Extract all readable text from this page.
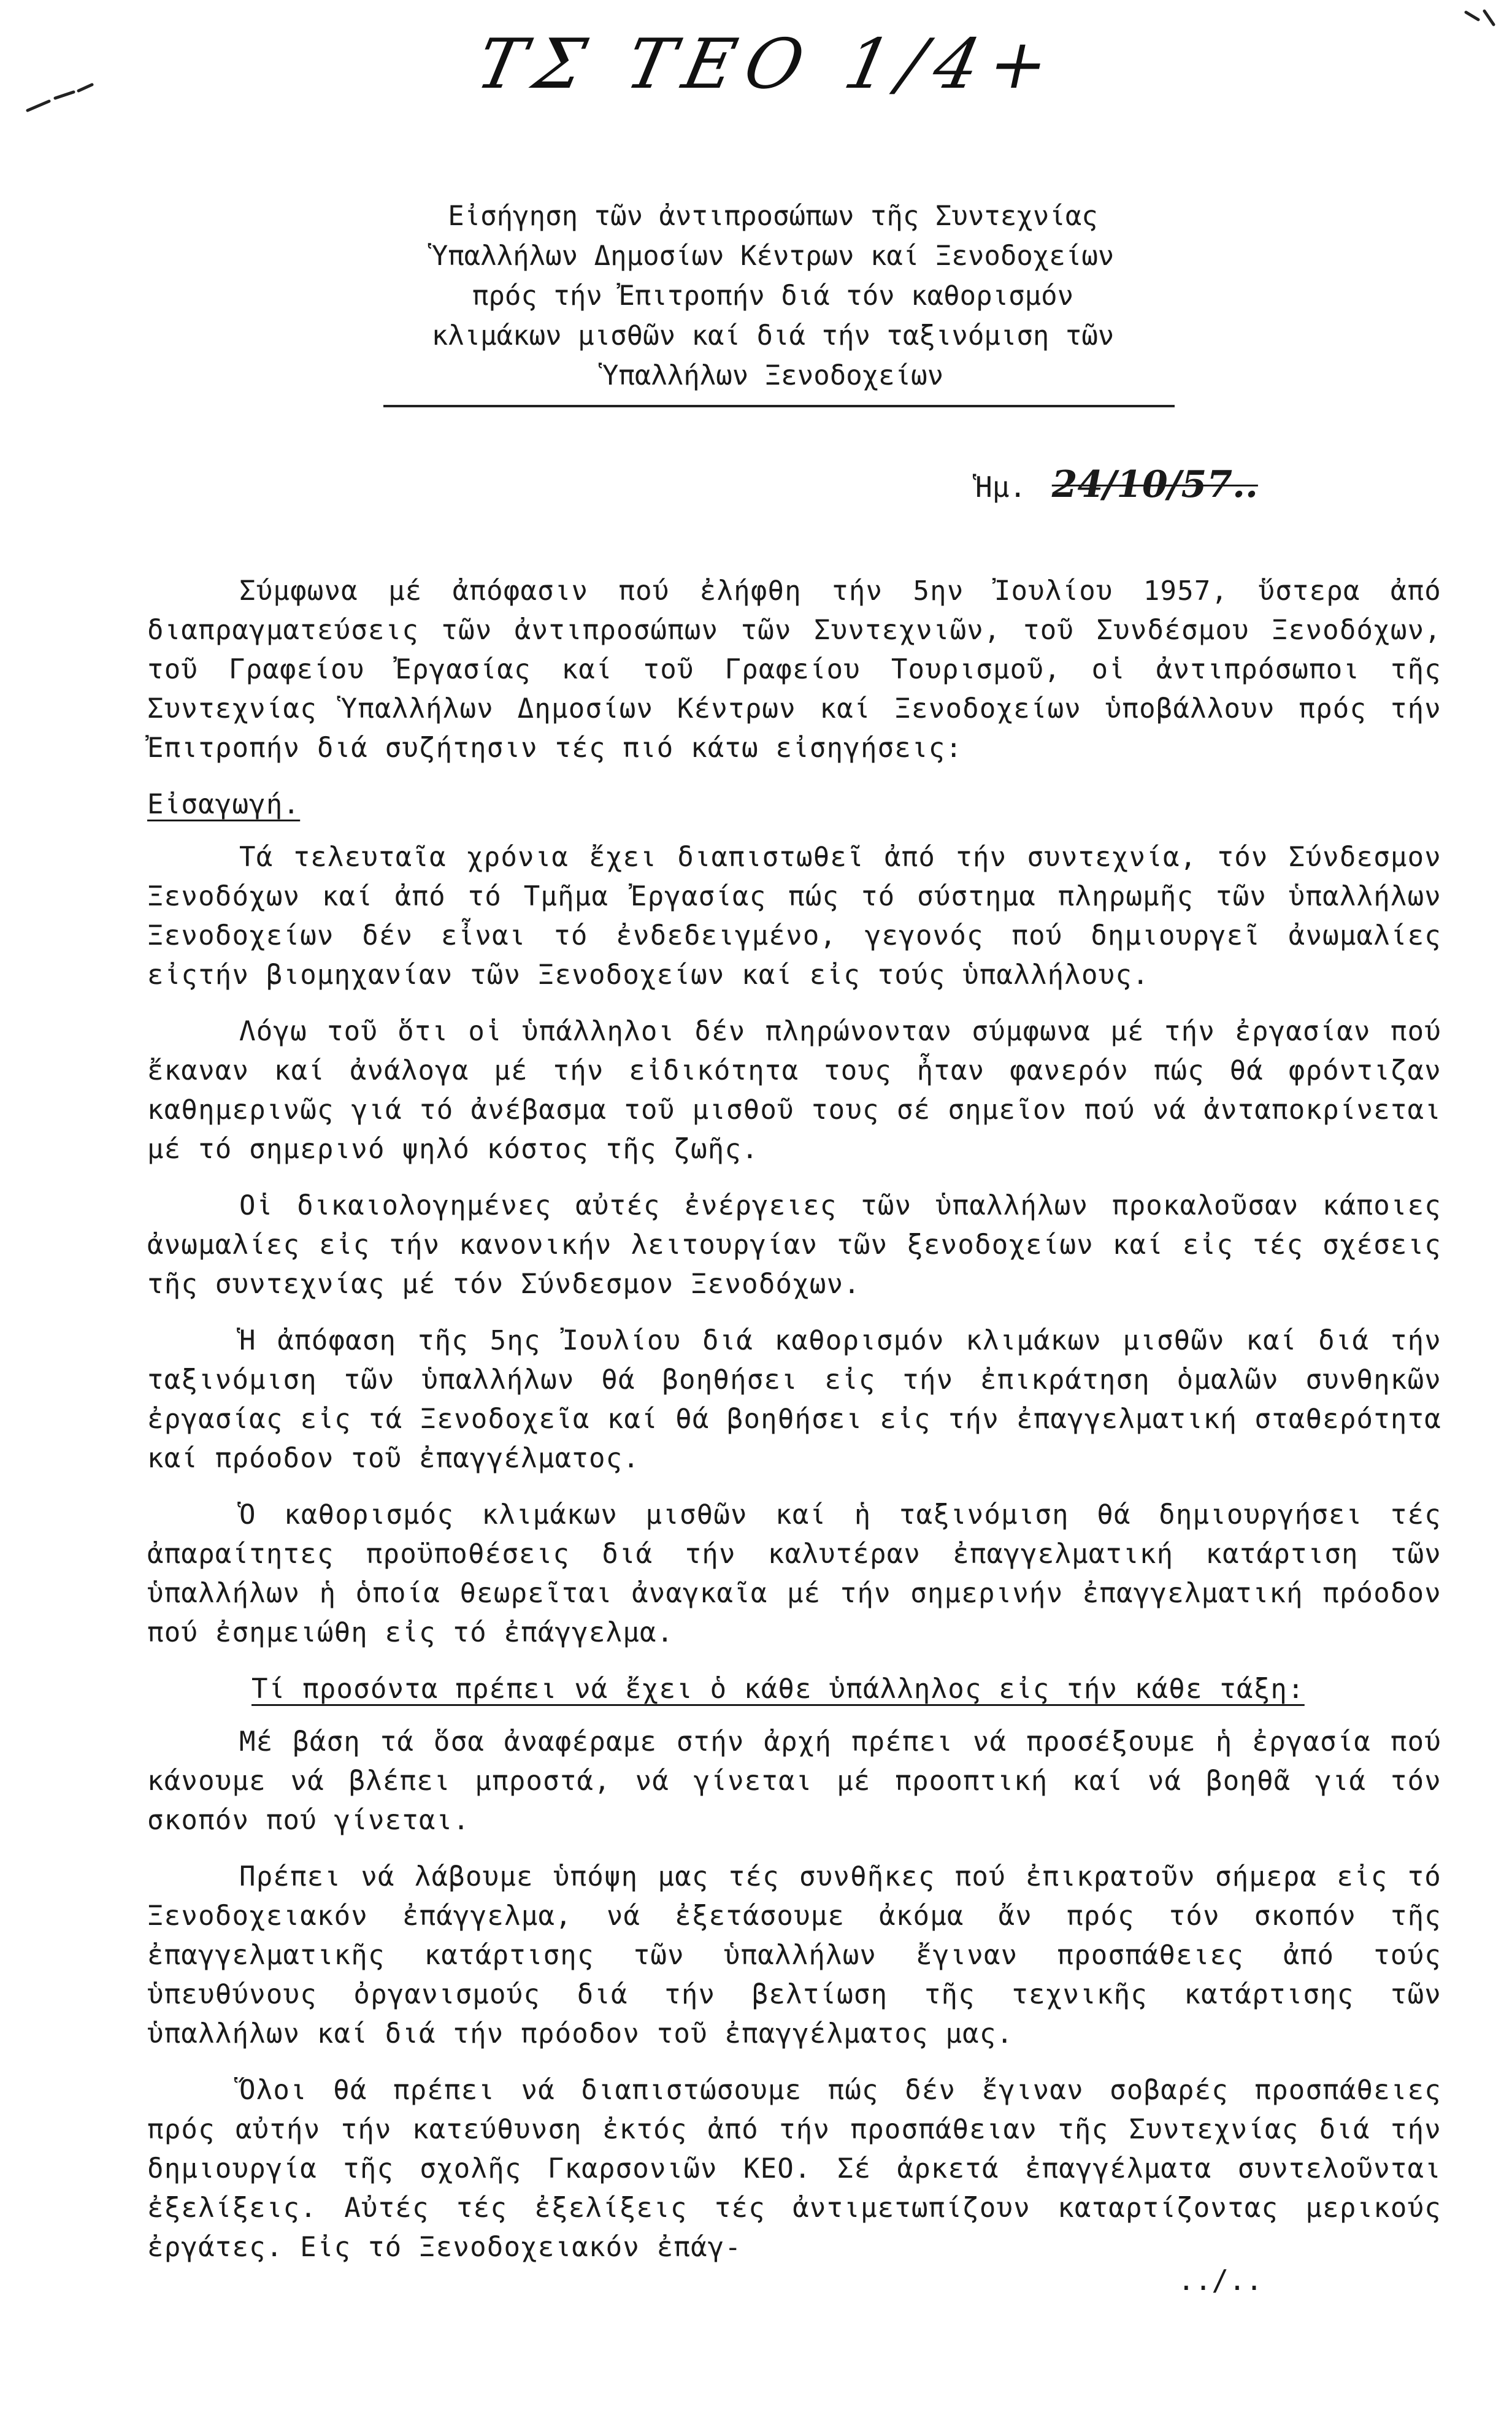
ΤΣ ΤΕΟ 1/4+
Εἰσήγηση τῶν ἀντιπροσώπων τῆς Συντεχνίας
Ὑπαλλήλων Δημοσίων Κέντρων καί Ξενοδοχείων
πρός τήν Ἐπιτροπήν διά τόν καθορισμόν
κλιμάκων μισθῶν καί διά τήν ταξινόμιση τῶν
Ὑπαλλήλων Ξενοδοχείων
Ἡμ. 24/10/57..

Σύμφωνα μέ ἀπόφασιν πού ἐλήφθη τήν 5ην Ἰουλίου 1957, ὕστερα ἀπό διαπραγματεύσεις τῶν ἀντιπροσώπων τῶν Συντεχνιῶν, τοῦ Συνδέσμου Ξενοδόχων, τοῦ Γραφείου Ἐργασίας καί τοῦ Γραφείου Τουρισμοῦ, οἱ ἀντιπρόσωποι τῆς Συντεχνίας Ὑπαλλήλων Δημοσίων Κέντρων καί Ξενοδοχείων ὑποβάλλουν πρός τήν Ἐπιτροπήν διά συζήτησιν τές πιό κάτω εἰσηγήσεις:

Εἰσαγωγή.

Τά τελευταῖα χρόνια ἔχει διαπιστωθεῖ ἀπό τήν συντεχνία, τόν Σύνδεσμον Ξενοδόχων καί ἀπό τό Τμῆμα Ἐργασίας πώς τό σύστημα πληρωμῆς τῶν ὑπαλλήλων Ξενοδοχείων δέν εἶναι τό ἐνδεδειγμένο, γεγονός πού δημιουργεῖ ἀνωμαλίες εἰςτήν βιομηχανίαν τῶν Ξενοδοχείων καί εἰς τούς ὑπαλλήλους.

Λόγω τοῦ ὅτι οἱ ὑπάλληλοι δέν πληρώνονταν σύμφωνα μέ τήν ἐργασίαν πού ἔκαναν καί ἀνάλογα μέ τήν εἰδικότητα τους ἦταν φανερόν πώς θά φρόντιζαν καθημερινῶς γιά τό ἀνέβασμα τοῦ μισθοῦ τους σέ σημεῖον πού νά ἀνταποκρίνεται μέ τό σημερινό ψηλό κόστος τῆς ζωῆς.

Οἱ δικαιολογημένες αὐτές ἐνέργειες τῶν ὑπαλλήλων προκαλοῦσαν κάποιες ἀνωμαλίες εἰς τήν κανονικήν λειτουργίαν τῶν ξενοδοχείων καί εἰς τές σχέσεις τῆς συντεχνίας μέ τόν Σύνδεσμον Ξενοδόχων.

Ἡ ἀπόφαση τῆς 5ης Ἰουλίου διά καθορισμόν κλιμάκων μισθῶν καί διά τήν ταξινόμιση τῶν ὑπαλλήλων θά βοηθήσει εἰς τήν ἐπικράτηση ὁμαλῶν συνθηκῶν ἐργασίας εἰς τά Ξενοδοχεῖα καί θά βοηθήσει εἰς τήν ἐπαγγελματική σταθερότητα καί πρόοδον τοῦ ἐπαγγέλματος.

Ὁ καθορισμός κλιμάκων μισθῶν καί ἡ ταξινόμιση θά δημιουργήσει τές ἀπαραίτητες προϋποθέσεις διά τήν καλυτέραν ἐπαγγελματική κατάρτιση τῶν ὑπαλλήλων ἡ ὁποία θεωρεῖται ἀναγκαῖα μέ τήν σημερινήν ἐπαγγελματική πρόοδον πού ἐσημειώθη εἰς τό ἐπάγγελμα.

Τί προσόντα πρέπει νά ἔχει ὁ κάθε ὑπάλληλος εἰς τήν κάθε τάξη:

Μέ βάση τά ὅσα ἀναφέραμε στήν ἀρχή πρέπει νά προσέξουμε ἡ ἐργασία πού κάνουμε νά βλέπει μπροστά, νά γίνεται μέ προοπτική καί νά βοηθᾶ γιά τόν σκοπόν πού γίνεται.

Πρέπει νά λάβουμε ὑπόψη μας τές συνθῆκες πού ἐπικρατοῦν σήμερα εἰς τό Ξενοδοχειακόν ἐπάγγελμα, νά ἐξετάσουμε ἀκόμα ἄν πρός τόν σκοπόν τῆς ἐπαγγελματικῆς κατάρτισης τῶν ὑπαλλήλων ἔγιναν προσπάθειες ἀπό τούς ὑπευθύνους ὀργανισμούς διά τήν βελτίωση τῆς τεχνικῆς κατάρτισης τῶν ὑπαλλήλων καί διά τήν πρόοδον τοῦ ἐπαγγέλματος μας.

Ὅλοι θά πρέπει νά διαπιστώσουμε πώς δέν ἔγιναν σοβαρές προσπάθειες πρός αὐτήν τήν κατεύθυνση ἐκτός ἀπό τήν προσπάθειαν τῆς Συντεχνίας διά τήν δημιουργία τῆς σχολῆς Γκαρσονιῶν ΚΕΟ. Σέ ἀρκετά ἐπαγγέλματα συντελοῦνται ἐξελίξεις. Αὐτές τές ἐξελίξεις τές ἀντιμετωπίζουν καταρτίζοντας μερικούς ἐργάτες. Εἰς τό Ξενοδοχειακόν ἐπάγ-

../..
